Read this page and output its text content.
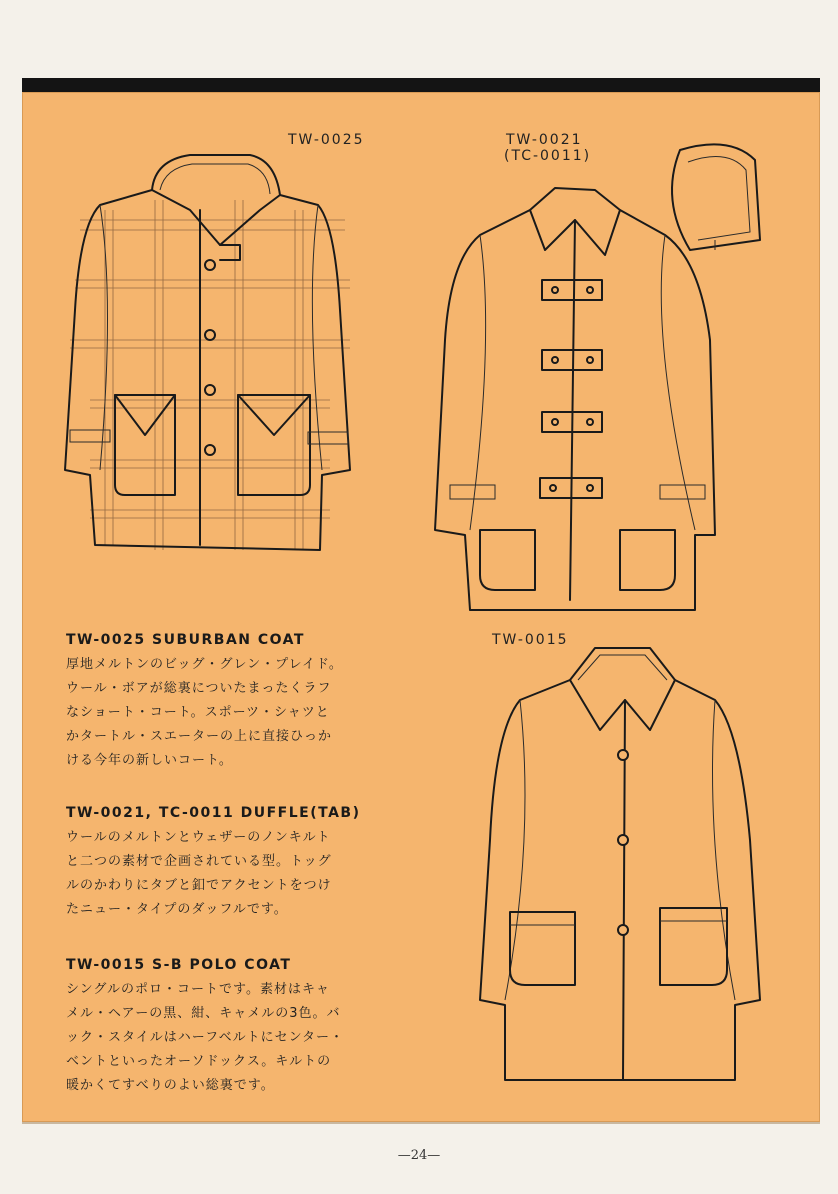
TW-0025	TW-0021
(TC-0011)
TW-0015
TW-0025 SUBURBAN COAT
厚地メルトンのビッグ・グレン・プレイド。
ウール・ボアが総裏についたまったくラフ
なショート・コート。スポーツ・シャツと
かタートル・スエーターの上に直接ひっか
ける今年の新しいコート。
TW-0021, TC-0011 DUFFLE(TAB)
ウールのメルトンとウェザーのノンキルト
と二つの素材で企画されている型。トッグ
ルのかわりにタブと釦でアクセントをつけ
たニュー・タイプのダッフルです。
TW-0015 S-B POLO COAT
シングルのポロ・コートです。素材はキャ
メル・ヘアーの黒、紺、キャメルの3色。バ
ック・スタイルはハーフベルトにセンター・
ベントといったオーソドックス。キルトの
暖かくてすべりのよい総裏です。
—24—
